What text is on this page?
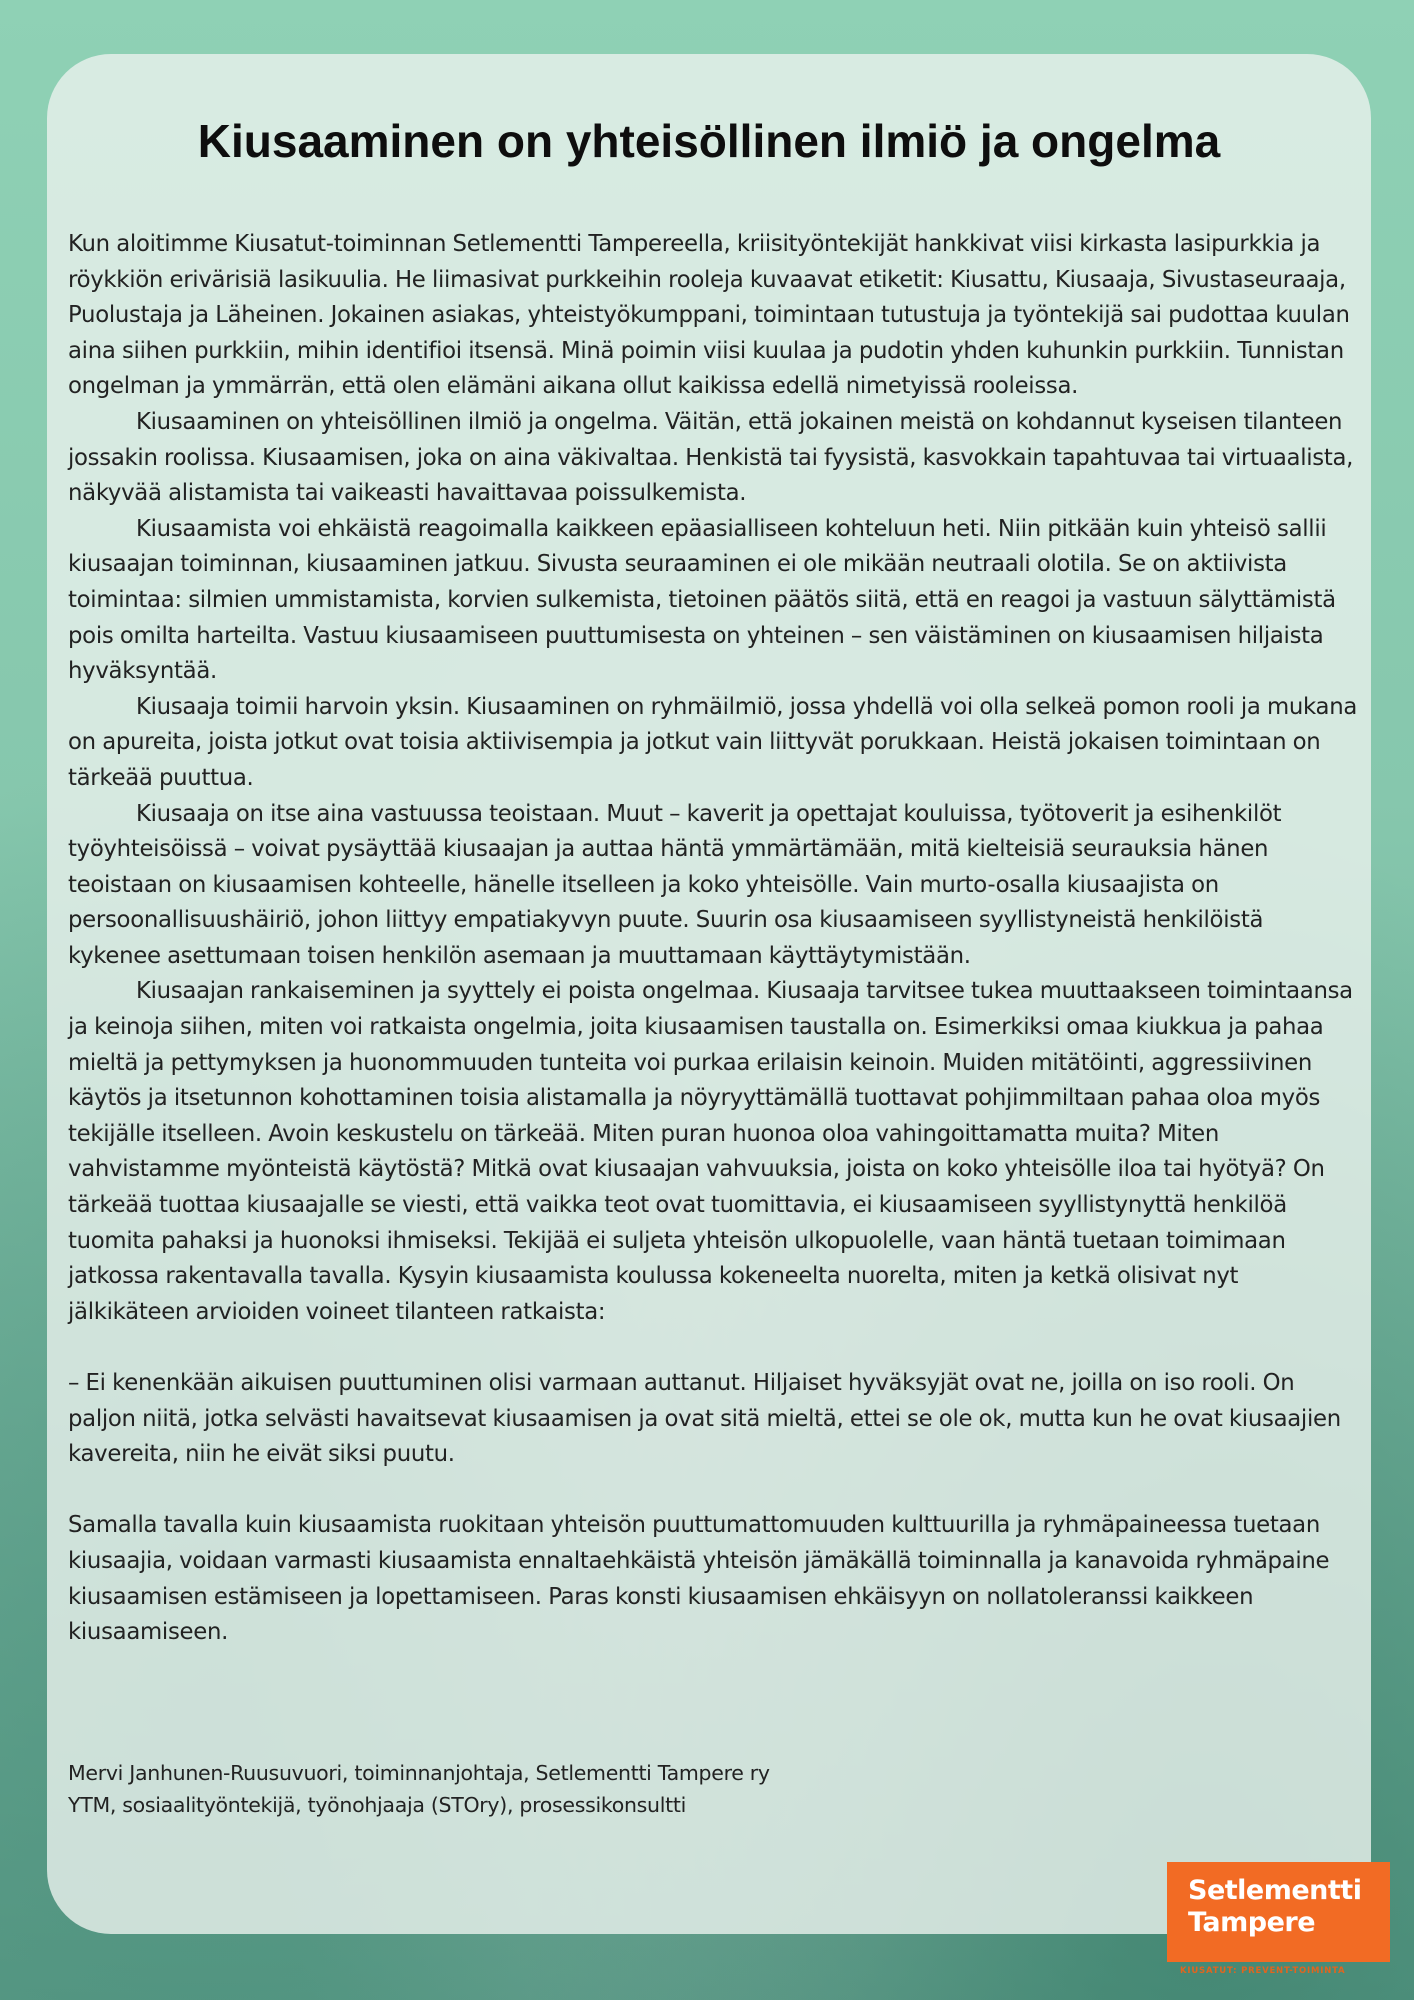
Kiusaaminen on yhteisöllinen ilmiö ja ongelma

Kun aloitimme Kiusatut-toiminnan Setlementti Tampereella, kriisityöntekijät hankkivat viisi kirkasta lasipurkkia ja röykkiön erivärisiä lasikuulia. He liimasivat purkkeihin rooleja kuvaavat etiketit: Kiusattu, Kiusaaja, Sivustaseuraaja, Puolustaja ja Läheinen. Jokainen asiakas, yhteistyökumppani, toimintaan tutustuja ja työntekijä sai pudottaa kuulan aina siihen purkkiin, mihin identifioi itsensä. Minä poimin viisi kuulaa ja pudotin yhden kuhunkin purkkiin. Tunnistan ongelman ja ymmärrän, että olen elämäni aikana ollut kaikissa edellä nimetyissä rooleissa.

Kiusaaminen on yhteisöllinen ilmiö ja ongelma. Väitän, että jokainen meistä on kohdannut kyseisen tilanteen jossakin roolissa. Kiusaamisen, joka on aina väkivaltaa. Henkistä tai fyysistä, kasvokkain tapahtuvaa tai virtuaalista, näkyvää alistamista tai vaikeasti havaittavaa poissulkemista.

Kiusaamista voi ehkäistä reagoimalla kaikkeen epäasialliseen kohteluun heti. Niin pitkään kuin yhteisö sallii kiusaajan toiminnan, kiusaaminen jatkuu. Sivusta seuraaminen ei ole mikään neutraali olotila. Se on aktiivista toimintaa: silmien ummistamista, korvien sulkemista, tietoinen päätös siitä, että en reagoi ja vastuun sälyttämistä pois omilta harteilta. Vastuu kiusaamiseen puuttumisesta on yhteinen – sen väistäminen on kiusaamisen hiljaista hyväksyntää.

Kiusaaja toimii harvoin yksin. Kiusaaminen on ryhmäilmiö, jossa yhdellä voi olla selkeä pomon rooli ja mukana on apureita, joista jotkut ovat toisia aktiivisempia ja jotkut vain liittyvät porukkaan. Heistä jokaisen toimintaan on tärkeää puuttua.

Kiusaaja on itse aina vastuussa teoistaan. Muut – kaverit ja opettajat kouluissa, työtoverit ja esihenkilöt työyhteisöissä – voivat pysäyttää kiusaajan ja auttaa häntä ymmärtämään, mitä kielteisiä seurauksia hänen teoistaan on kiusaamisen kohteelle, hänelle itselleen ja koko yhteisölle. Vain murto-osalla kiusaajista on persoonallisuushäiriö, johon liittyy empatiakyvyn puute. Suurin osa kiusaamiseen syyllistyneistä henkilöistä kykenee asettumaan toisen henkilön asemaan ja muuttamaan käyttäytymistään.

Kiusaajan rankaiseminen ja syyttely ei poista ongelmaa. Kiusaaja tarvitsee tukea muuttaakseen toimintaansa ja keinoja siihen, miten voi ratkaista ongelmia, joita kiusaamisen taustalla on. Esimerkiksi omaa kiukkua ja pahaa mieltä ja pettymyksen ja huonommuuden tunteita voi purkaa erilaisin keinoin. Muiden mitätöinti, aggressiivinen käytös ja itsetunnon kohottaminen toisia alistamalla ja nöyryyttämällä tuottavat pohjimmiltaan pahaa oloa myös tekijälle itselleen. Avoin keskustelu on tärkeää. Miten puran huonoa oloa vahingoittamatta muita? Miten vahvistamme myönteistä käytöstä? Mitkä ovat kiusaajan vahvuuksia, joista on koko yhteisölle iloa tai hyötyä? On tärkeää tuottaa kiusaajalle se viesti, että vaikka teot ovat tuomittavia, ei kiusaamiseen syyllistynyttä henkilöä tuomita pahaksi ja huonoksi ihmiseksi. Tekijää ei suljeta yhteisön ulkopuolelle, vaan häntä tuetaan toimimaan jatkossa rakentavalla tavalla. Kysyin kiusaamista koulussa kokeneelta nuorelta, miten ja ketkä olisivat nyt jälkikäteen arvioiden voineet tilanteen ratkaista:

– Ei kenenkään aikuisen puuttuminen olisi varmaan auttanut. Hiljaiset hyväksyjät ovat ne, joilla on iso rooli. On paljon niitä, jotka selvästi havaitsevat kiusaamisen ja ovat sitä mieltä, ettei se ole ok, mutta kun he ovat kiusaajien kavereita, niin he eivät siksi puutu.

Samalla tavalla kuin kiusaamista ruokitaan yhteisön puuttumattomuuden kulttuurilla ja ryhmäpaineessa tuetaan kiusaajia, voidaan varmasti kiusaamista ennaltaehkäistä yhteisön jämäkällä toiminnalla ja kanavoida ryhmäpaine kiusaamisen estämiseen ja lopettamiseen. Paras konsti kiusaamisen ehkäisyyn on nollatoleranssi kaikkeen kiusaamiseen.

Mervi Janhunen-Ruusuvuori, toiminnanjohtaja, Setlementti Tampere ry
YTM, sosiaalityöntekijä, työnohjaaja (STOry), prosessikonsultti
Setlementti
Tampere
KIUSATUT: PREVENT-TOIMINTA
